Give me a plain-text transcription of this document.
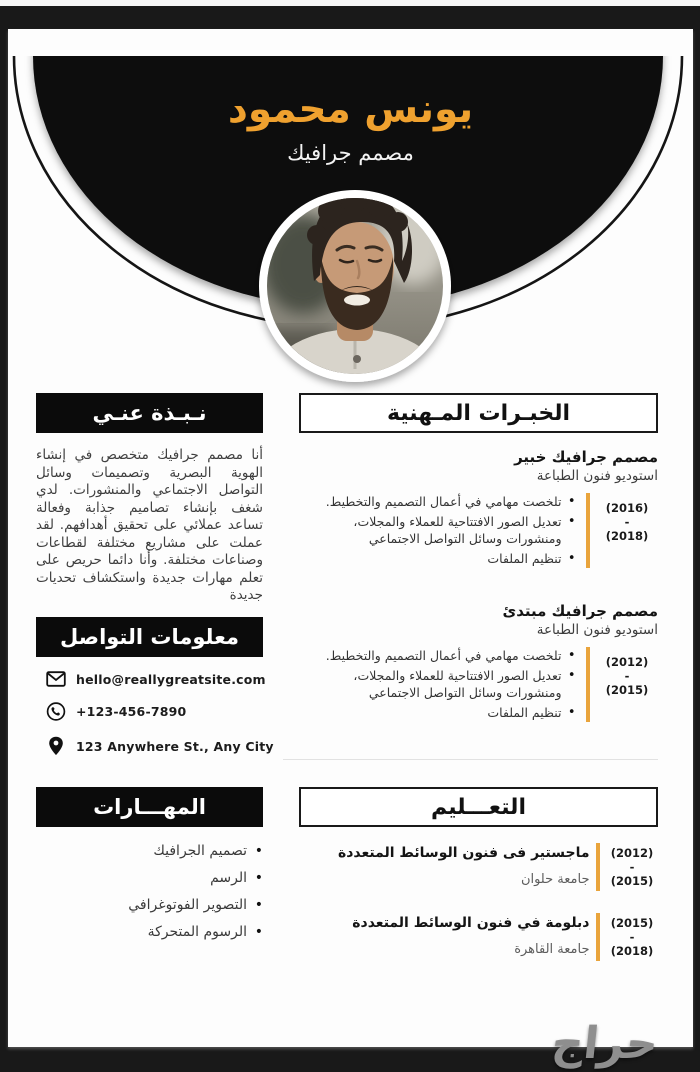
يونس محمود
مصمم جرافيك
الخبـرات المـهنية
مصمم جرافيك خبير
استوديو فنون الطباعة
(2016)
-
(2018)
•
تلخصت مهامي في أعمال التصميم والتخطيط.
•
تعديل الصور الافتتاحية للعملاء والمجلات، ومنشورات وسائل التواصل الاجتماعي
•
تنظيم الملفات
مصمم جرافيك مبتدئ
استوديو فنون الطباعة
(2012)
-
(2015)
•
تلخصت مهامي في أعمال التصميم والتخطيط.
•
تعديل الصور الافتتاحية للعملاء والمجلات، ومنشورات وسائل التواصل الاجتماعي
•
تنظيم الملفات
التعـــليم
(2012)
-
(2015)
ماجستير فى فنون الوسائط المتعددة
جامعة حلوان
(2015)
-
(2018)
دبلومة في فنون الوسائط المتعددة
جامعة القاهرة
نـبـذة عنـي
أنا مصمم جرافيك متخصص في إنشاء الهوية البصرية وتصميمات وسائل التواصل الاجتماعي والمنشورات. لدي شغف بإنشاء تصاميم جذابة وفعالة تساعد عملائي على تحقيق أهدافهم. لقد عملت على مشاريع مختلفة لقطاعات وصناعات مختلفة. وأنا دائما حريص على تعلم مهارات جديدة واستكشاف تحديات جديدة
معلومات التواصل
hello@reallygreatsite.com
+123-456-7890
123 Anywhere St., Any City
المهـــارات
•
تصميم الجرافيك
•
الرسم
•
التصوير الفوتوغرافي
•
الرسوم المتحركة
حراج
